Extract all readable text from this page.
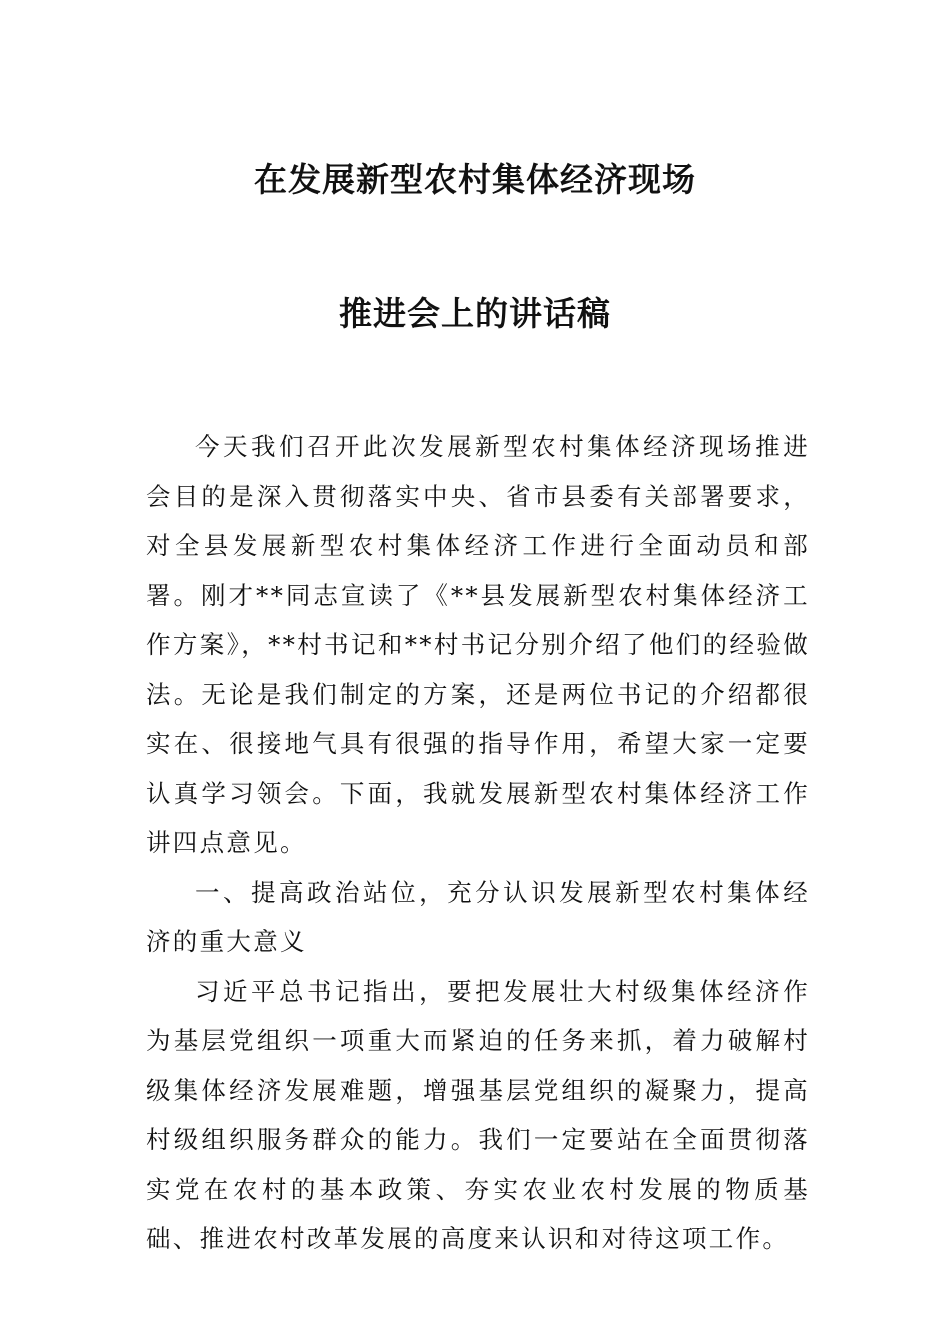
在发展新型农村集体经济现场
推进会上的讲话稿

今天我们召开此次发展新型农村集体经济现场推进会目的是深入贯彻落实中央、省市县委有关部署要求，对全县发展新型农村集体经济工作进行全面动员和部署。刚才**同志宣读了《**县发展新型农村集体经济工作方案》，**村书记和**村书记分别介绍了他们的经验做法。无论是我们制定的方案，还是两位书记的介绍都很实在、很接地气具有很强的指导作用，希望大家一定要认真学习领会。下面，我就发展新型农村集体经济工作讲四点意见。

一、提高政治站位，充分认识发展新型农村集体经济的重大意义

习近平总书记指出，要把发展壮大村级集体经济作为基层党组织一项重大而紧迫的任务来抓，着力破解村级集体经济发展难题，增强基层党组织的凝聚力，提高村级组织服务群众的能力。我们一定要站在全面贯彻落实党在农村的基本政策、夯实农业农村发展的物质基础、推进农村改革发展的高度来认识和对待这项工作。
